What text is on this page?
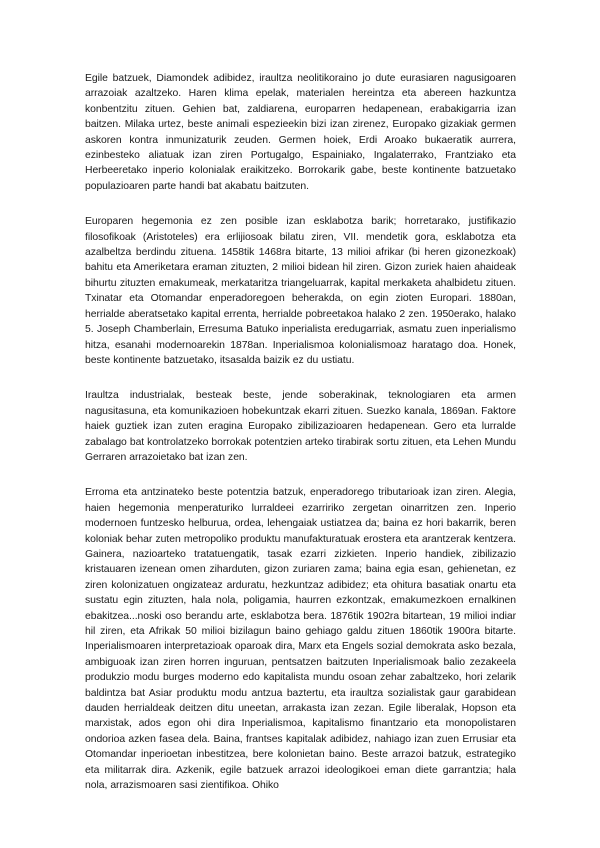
Egile batzuek, Diamondek adibidez, iraultza neolitikoraino jo dute eurasiaren nagusigoaren arrazoiak azaltzeko. Haren klima epelak, materialen hereintza eta abereen hazkuntza konbentzitu zituen. Gehien bat, zaldiarena, europarren hedapenean, erabakigarria izan baitzen. Milaka urtez, beste animali espezieekin bizi izan zirenez, Europako gizakiak germen askoren kontra inmunizaturik zeuden. Germen hoiek, Erdi Aroako bukaeratik aurrera, ezinbesteko aliatuak izan ziren Portugalgo, Espainiako, Ingalaterrako, Frantziako eta Herbeeretako inperio kolonialak eraikitzeko. Borrokarik gabe, beste kontinente batzuetako populazioaren parte handi bat akabatu baitzuten.

Europaren hegemonia ez zen posible izan esklabotza barik; horretarako, justifikazio filosofikoak (Aristoteles) era erlijiosoak bilatu ziren, VII. mendetik gora, esklabotza eta azalbeltza berdindu zituena. 1458tik 1468ra bitarte, 13 milioi afrikar (bi heren gizonezkoak) bahitu eta Ameriketara eraman zituzten, 2 milioi bidean hil ziren. Gizon zuriek haien ahaideak bihurtu zituzten emakumeak, merkataritza triangeluarrak, kapital merkaketa ahalbidetu zituen. Txinatar eta Otomandar enperadoregoen beherakda, on egin zioten Europari. 1880an, herrialde aberatsetako kapital errenta, herrialde pobreetakoa halako 2 zen. 1950erako, halako 5. Joseph Chamberlain, Erresuma Batuko inperialista eredugarriak, asmatu zuen inperialismo hitza, esanahi modernoarekin 1878an. Inperialismoa kolonialismoaz haratago doa. Honek, beste kontinente batzuetako, itsasalda baizik ez du ustiatu.

Iraultza industrialak, besteak beste, jende soberakinak, teknologiaren eta armen nagusitasuna, eta komunikazioen hobekuntzak ekarri zituen. Suezko kanala, 1869an. Faktore haiek guztiek izan zuten eragina Europako zibilizazioaren hedapenean. Gero eta lurralde zabalago bat kontrolatzeko borrokak potentzien arteko tirabirak sortu zituen, eta Lehen Mundu Gerraren arrazoietako bat izan zen.

Erroma eta antzinateko beste potentzia batzuk, enperadorego tributarioak izan ziren. Alegia, haien hegemonia menperaturiko lurraldeei ezarririko zergetan oinarritzen zen. Inperio modernoen funtzesko helburua, ordea, lehengaiak ustiatzea da; baina ez hori bakarrik, beren koloniak behar zuten metropoliko produktu manufakturatuak erostera eta arantzerak kentzera. Gainera, nazioarteko tratatuengatik, tasak ezarri zizkieten. Inperio handiek, zibilizazio kristauaren izenean omen ziharduten, gizon zuriaren zama; baina egia esan, gehienetan, ez ziren kolonizatuen ongizateaz arduratu, hezkuntzaz adibidez; eta ohitura basatiak onartu eta sustatu egin zituzten, hala nola, poligamia, haurren ezkontzak, emakumezkoen ernalkinen ebakitzea...noski oso berandu arte, esklabotza bera. 1876tik 1902ra bitartean, 19 milioi indiar hil ziren, eta Afrikak 50 milioi bizilagun baino gehiago galdu zituen 1860tik 1900ra bitarte. Inperialismoaren interpretazioak oparoak dira, Marx eta Engels sozial demokrata asko bezala, ambiguoak izan ziren horren inguruan, pentsatzen baitzuten Inperialismoak balio zezakeela produkzio modu burges moderno edo kapitalista mundu osoan zehar zabaltzeko, hori zelarik baldintza bat Asiar produktu modu antzua baztertu, eta iraultza sozialistak gaur garabidean dauden herrialdeak deitzen ditu uneetan, arrakasta izan zezan. Egile liberalak, Hopson eta marxistak, ados egon ohi dira Inperialismoa, kapitalismo finantzario eta monopolistaren ondorioa azken fasea dela. Baina, frantses kapitalak adibidez, nahiago izan zuen Errusiar eta Otomandar inperioetan inbestitzea, bere kolonietan baino. Beste arrazoi batzuk, estrategiko eta militarrak dira. Azkenik, egile batzuek arrazoi ideologikoei eman diete garrantzia; hala nola, arrazismoaren sasi zientifikoa. Ohiko
